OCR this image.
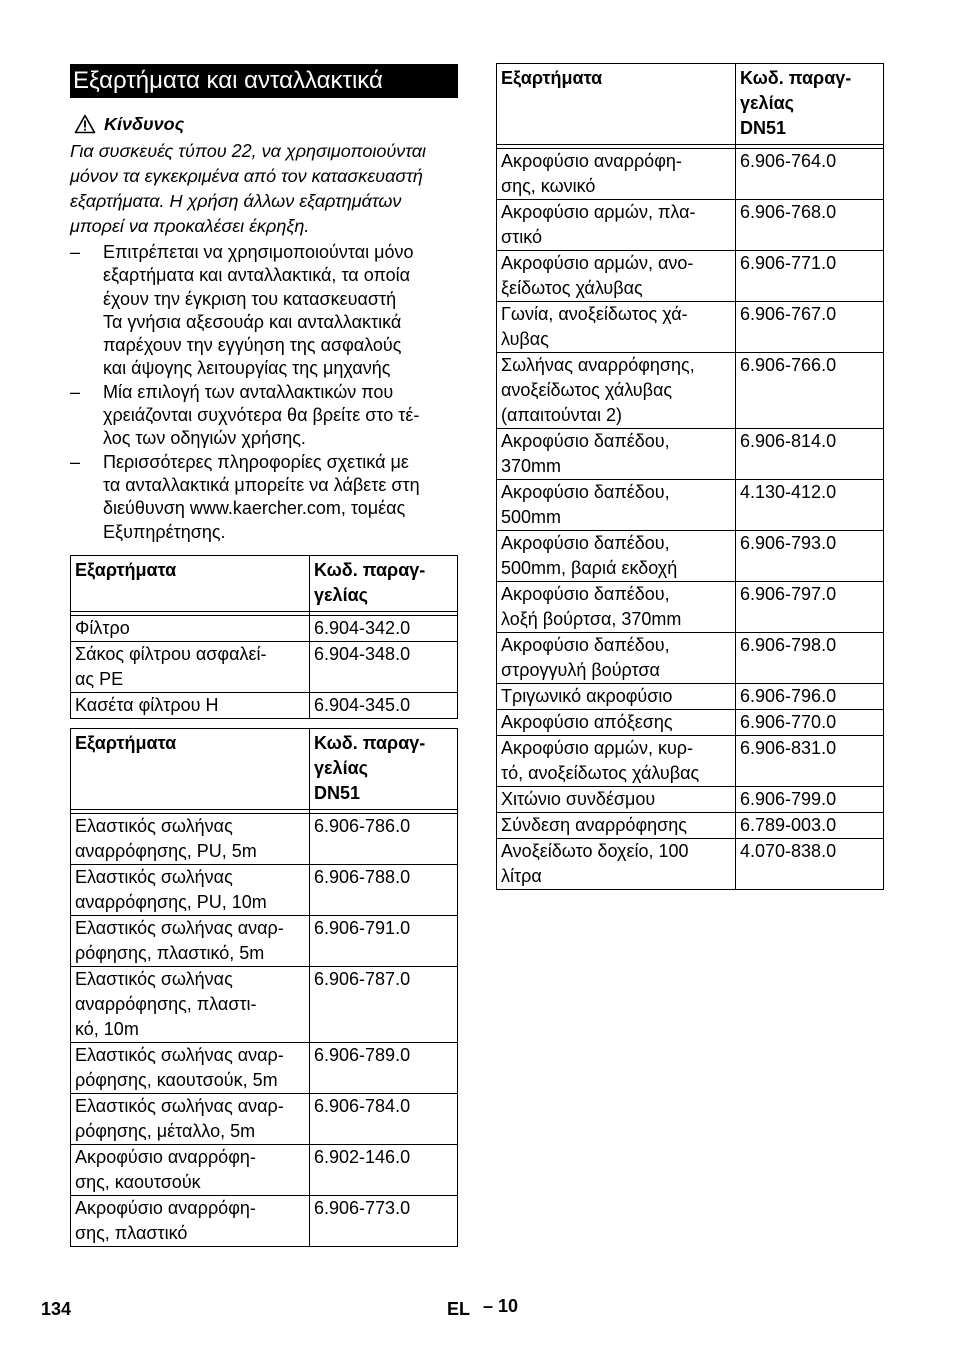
Εξαρτήματα και ανταλλακτικά
Κίνδυνος

Για συσκευές τύπου 22, να χρησιμοποιούνται
μόνον τα εγκεκριμένα από τον κατασκευαστή
εξαρτήματα. Η χρήση άλλων εξαρτημάτων
μπορεί να προκαλέσει έκρηξη.

– Επιτρέπεται να χρησιμοποιούνται μόνο
εξαρτήματα και ανταλλακτικά, τα οποία
έχουν την έγκριση του κατασκευαστή
Τα γνήσια αξεσουάρ και ανταλλακτικά
παρέχουν την εγγύηση της ασφαλούς
και άψογης λειτουργίας της μηχανής
– Μία επιλογή των ανταλλακτικών που
χρειάζονται συχνότερα θα βρείτε στο τέ-
λος των οδηγιών χρήσης.
– Περισσότερες πληροφορίες σχετικά με
τα ανταλλακτικά μπορείτε να λάβετε στη
διεύθυνση www.kaercher.com, τομέας
Εξυπηρέτησης.
Εξαρτήματα	Κωδ. παραγ-
γελίας

Φίλτρο	6.904-342.0
Σάκος φίλτρου ασφαλεί-
ας PE	6.904-348.0
Κασέτα φίλτρου H	6.904-345.0
Εξαρτήματα	Κωδ. παραγ-
γελίας
DN51

Ελαστικός σωλήνας
αναρρόφησης, PU, 5m	6.906-786.0
Ελαστικός σωλήνας
αναρρόφησης, PU, 10m	6.906-788.0
Ελαστικός σωλήνας αναρ-
ρόφησης, πλαστικό, 5m	6.906-791.0
Ελαστικός σωλήνας
αναρρόφησης, πλαστι-
κό, 10m	6.906-787.0
Ελαστικός σωλήνας αναρ-
ρόφησης, καουτσούκ, 5m	6.906-789.0
Ελαστικός σωλήνας αναρ-
ρόφησης, μέταλλο, 5m	6.906-784.0
Ακροφύσιο αναρρόφη-
σης, καουτσούκ	6.902-146.0
Ακροφύσιο αναρρόφη-
σης, πλαστικό	6.906-773.0
Εξαρτήματα	Κωδ. παραγ-
γελίας
DN51

Ακροφύσιο αναρρόφη-
σης, κωνικό	6.906-764.0
Ακροφύσιο αρμών, πλα-
στικό	6.906-768.0
Ακροφύσιο αρμών, ανο-
ξείδωτος χάλυβας	6.906-771.0
Γωνία, ανοξείδωτος χά-
λυβας	6.906-767.0
Σωλήνας αναρρόφησης,
ανοξείδωτος χάλυβας
(απαιτούνται 2)	6.906-766.0
Ακροφύσιο δαπέδου,
370mm	6.906-814.0
Ακροφύσιο δαπέδου,
500mm	4.130-412.0
Ακροφύσιο δαπέδου,
500mm, βαριά εκδοχή	6.906-793.0
Ακροφύσιο δαπέδου,
λοξή βούρτσα, 370mm	6.906-797.0
Ακροφύσιο δαπέδου,
στρογγυλή βούρτσα	6.906-798.0
Τριγωνικό ακροφύσιο	6.906-796.0
Ακροφύσιο απόξεσης	6.906-770.0
Ακροφύσιο αρμών, κυρ-
τό, ανοξείδωτος χάλυβας	6.906-831.0
Χιτώνιο συνδέσμου	6.906-799.0
Σύνδεση αναρρόφησης	6.789-003.0
Ανοξείδωτο δοχείο, 100
λίτρα	4.070-838.0
134	EL – 10
